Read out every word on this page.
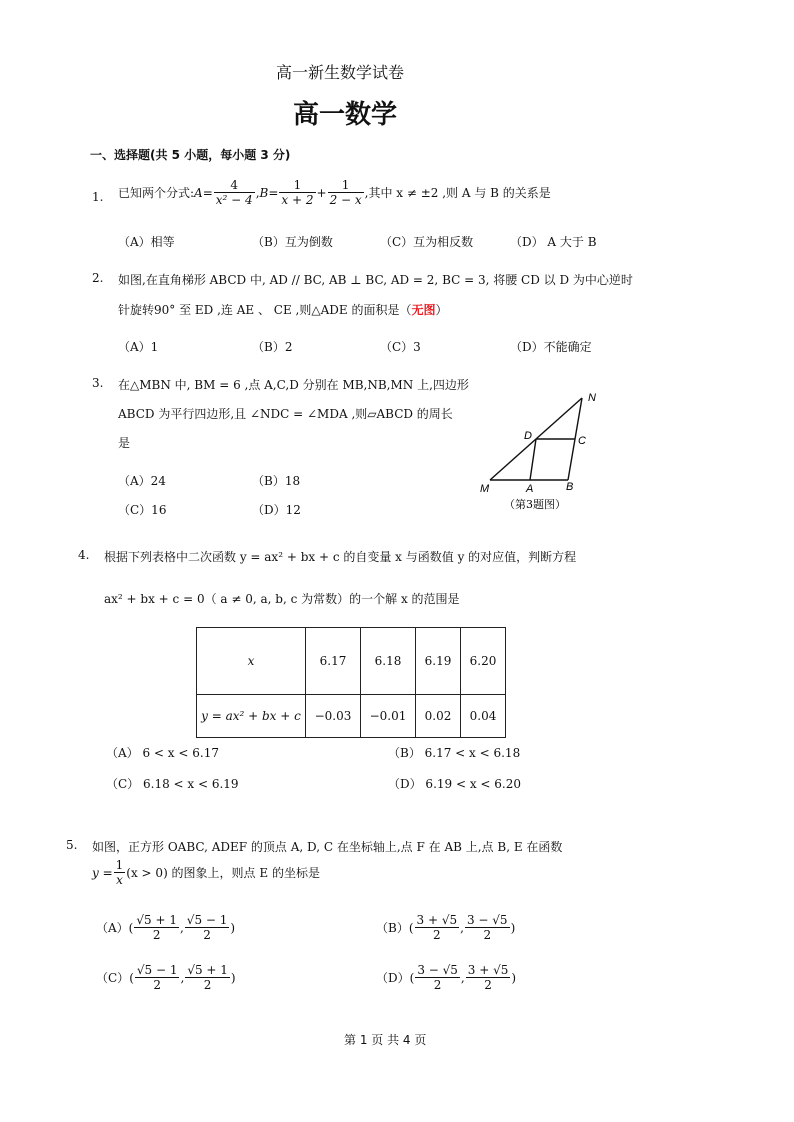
高一新生数学试卷
高一数学
一、选择题(共 5 小题，每小题 3 分)
1. 已知两个分式: $A = \frac{4}{\text{x² − 4}}$ , $B = \frac{1}{x + 2} + \frac{1}{2 - x}$ ,其中 x ≠ ±2 ,则 A 与 B 的关系是
（A）相等	（B）互为倒数	（C）互为相反数	（D） A 大于 B
2. 如图,在直角梯形 ABCD 中, AD // BC, AB ⊥ BC, AD = 2, BC = 3, 将腰 CD 以 D 为中心逆时
针旋转90° 至 ED ,连 AE 、 CE ,则△ADE 的面积是（无图）
（A）1	（B）2	（C）3	（D）不能确定
3. 在△MBN 中, BM = 6 ,点 A,C,D 分别在 MB,NB,MN 上,四边形
ABCD 为平行四边形,且 ∠NDC = ∠MDA ,则▱ABCD 的周长
是
（A）24	（B）18
（C）16	（D）12
N
D	C
M	A	B
（第3题图）
4. 根据下列表格中二次函数 y = ax² + bx + c 的自变量 x 与函数值 y 的对应值，判断方程
ax² + bx + c = 0（ a ≠ 0, a, b, c 为常数）的一个解 x 的范围是
x	6.17	6.18	6.19	6.20
y = ax² + bx + c	−0.03	−0.01	0.02	0.04
（A） 6 < x < 6.17	（B） 6.17 < x < 6.18
（C） 6.18 < x < 6.19	（D） 6.19 < x < 6.20
5. 如图，正方形 OABC, ADEF 的顶点 A, D, C 在坐标轴上,点 F 在 AB 上,点 B, E 在函数
$y = \frac{1}{x} (x > 0)$ 的图象上，则点 E 的坐标是
（A） (
√5 + 1
2
,
√5 − 1
2
)	（B） (
3 + √5
2
,
3 − √5
2
)
（C） (
√5 − 1
2
,
√5 + 1
2
)	（D） (
3 − √5
2
,
3 + √5
2
)
第 1 页 共 4 页
